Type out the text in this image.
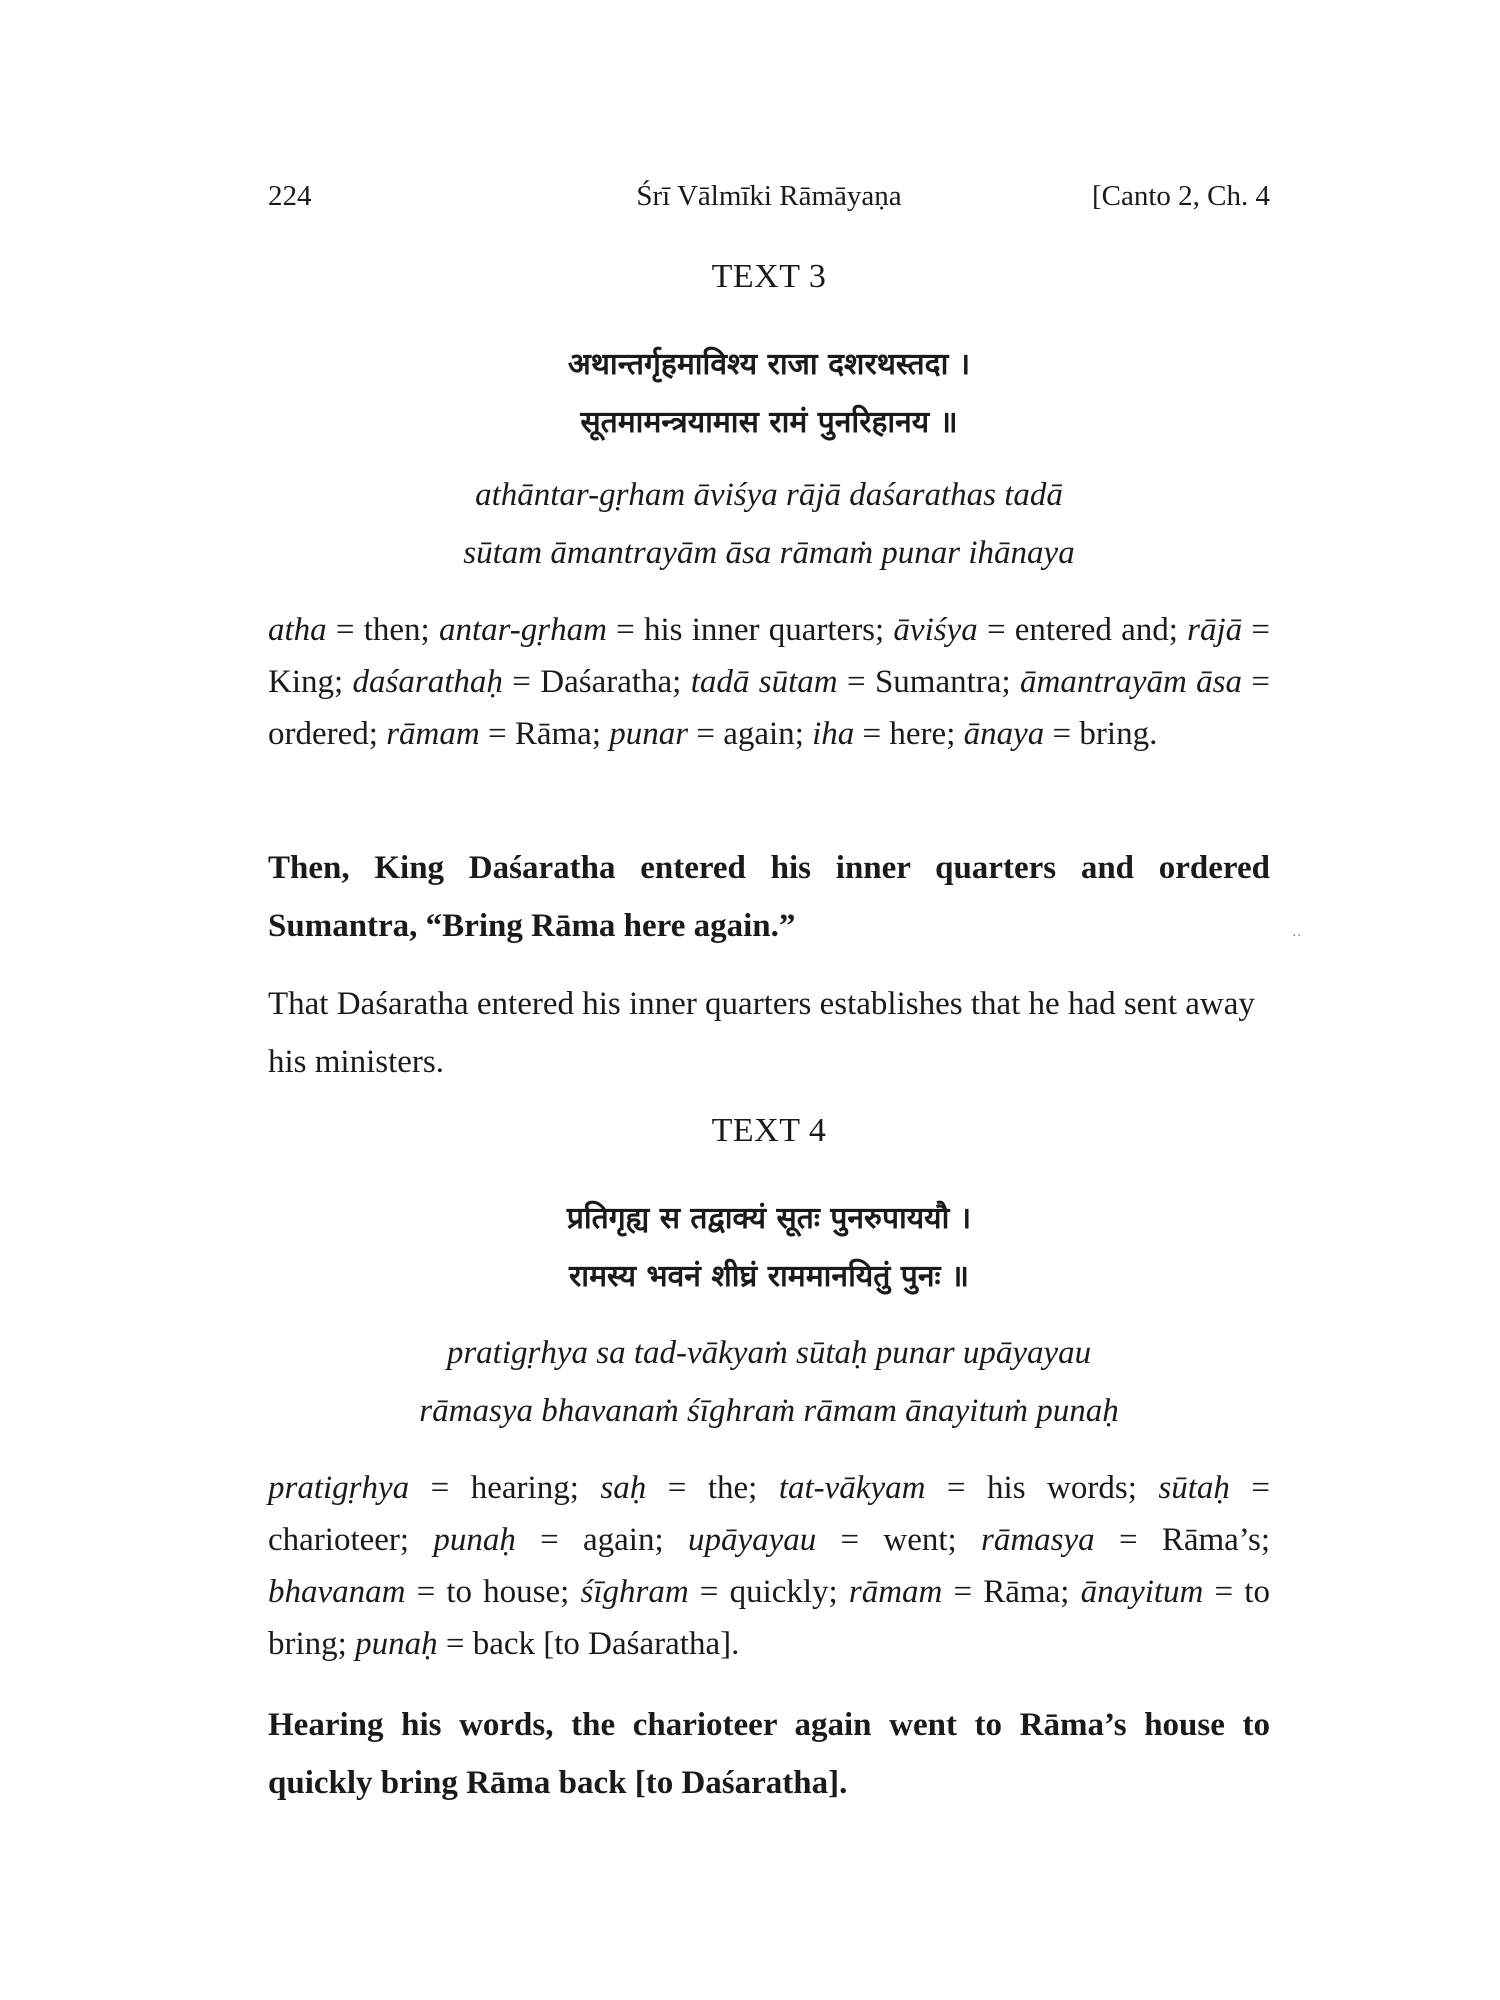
224	Śrī Vālmīki Rāmāyaṇa	[Canto 2, Ch. 4
TEXT 3
अथान्तर्गृहमाविश्य राजा दशरथस्तदा ।
सूतमामन्त्रयामास रामं पुनरिहानय ॥
athāntar-gṛham āviśya rājā daśarathas tadā
sūtam āmantrayām āsa rāmaṁ punar ihānaya
atha = then; antar-gṛham = his inner quarters; āviśya = entered and; rājā = King; daśarathaḥ = Daśaratha; tadā sūtam = Sumantra; āmantrayām āsa = ordered; rāmam = Rāma; punar = again; iha = here; ānaya = bring.
Then, King Daśaratha entered his inner quarters and ordered Sumantra, “Bring Rāma here again.”
That Daśaratha entered his inner quarters establishes that he had sent away his ministers.
TEXT 4
प्रतिगृह्य स तद्वाक्यं सूतः पुनरुपाययौ ।
रामस्य भवनं शीघ्रं राममानयितुं पुनः ॥
pratigṛhya sa tad-vākyaṁ sūtaḥ punar upāyayau
rāmasya bhavanaṁ śīghraṁ rāmam ānayituṁ punaḥ
pratigṛhya = hearing; saḥ = the; tat-vākyam = his words; sūtaḥ = charioteer; punaḥ = again; upāyayau = went; rāmasya = Rāma’s; bhavanam = to house; śīghram = quickly; rāmam = Rāma; ānayitum = to bring; punaḥ = back [to Daśaratha].
Hearing his words, the charioteer again went to Rāma’s house to quickly bring Rāma back [to Daśaratha].
‥
